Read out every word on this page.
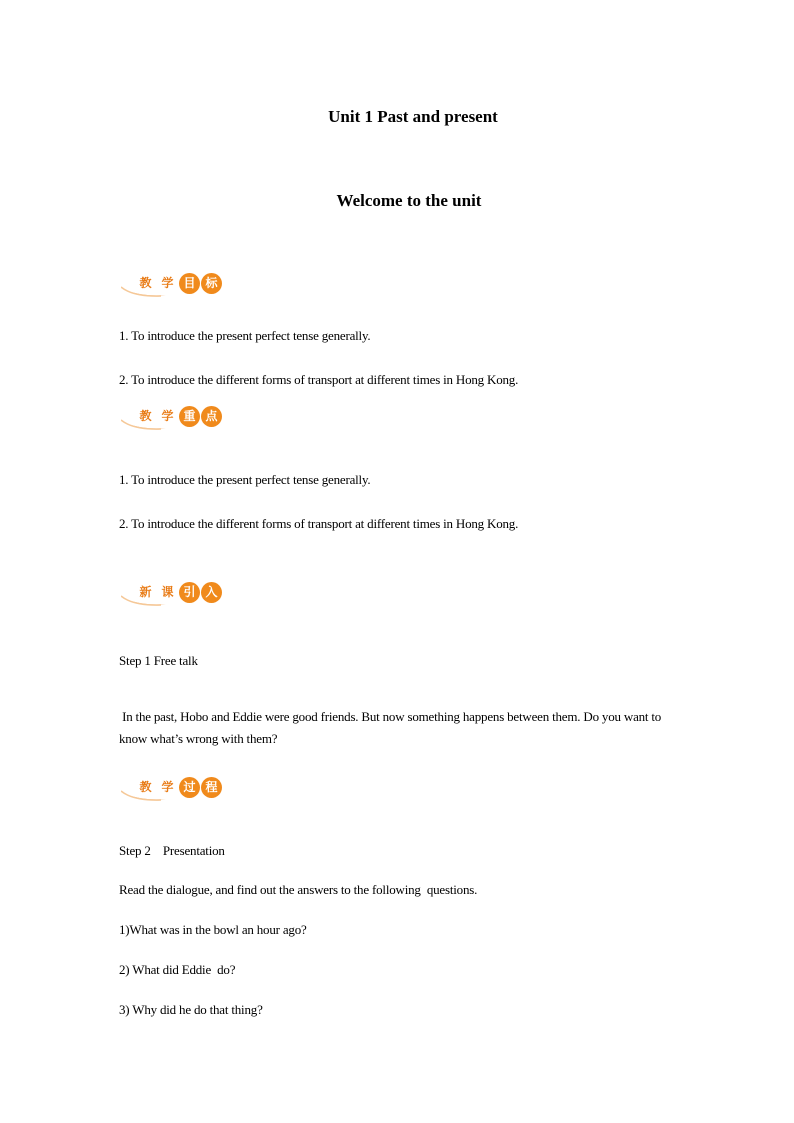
Unit 1 Past and present
Welcome to the unit
教 学 目 标
1. To introduce the present perfect tense generally.
2. To introduce the different forms of transport at different times in Hong Kong.
教 学 重 点
1. To introduce the present perfect tense generally.
2. To introduce the different forms of transport at different times in Hong Kong.
新 课 引 入
Step 1 Free talk
In the past, Hobo and Eddie were good friends. But now something happens between them. Do you want to know what’s wrong with them?
教 学 过 程
Step 2    Presentation
Read the dialogue, and find out the answers to the following  questions.
1)What was in the bowl an hour ago?
2) What did Eddie  do?
3) Why did he do that thing?
